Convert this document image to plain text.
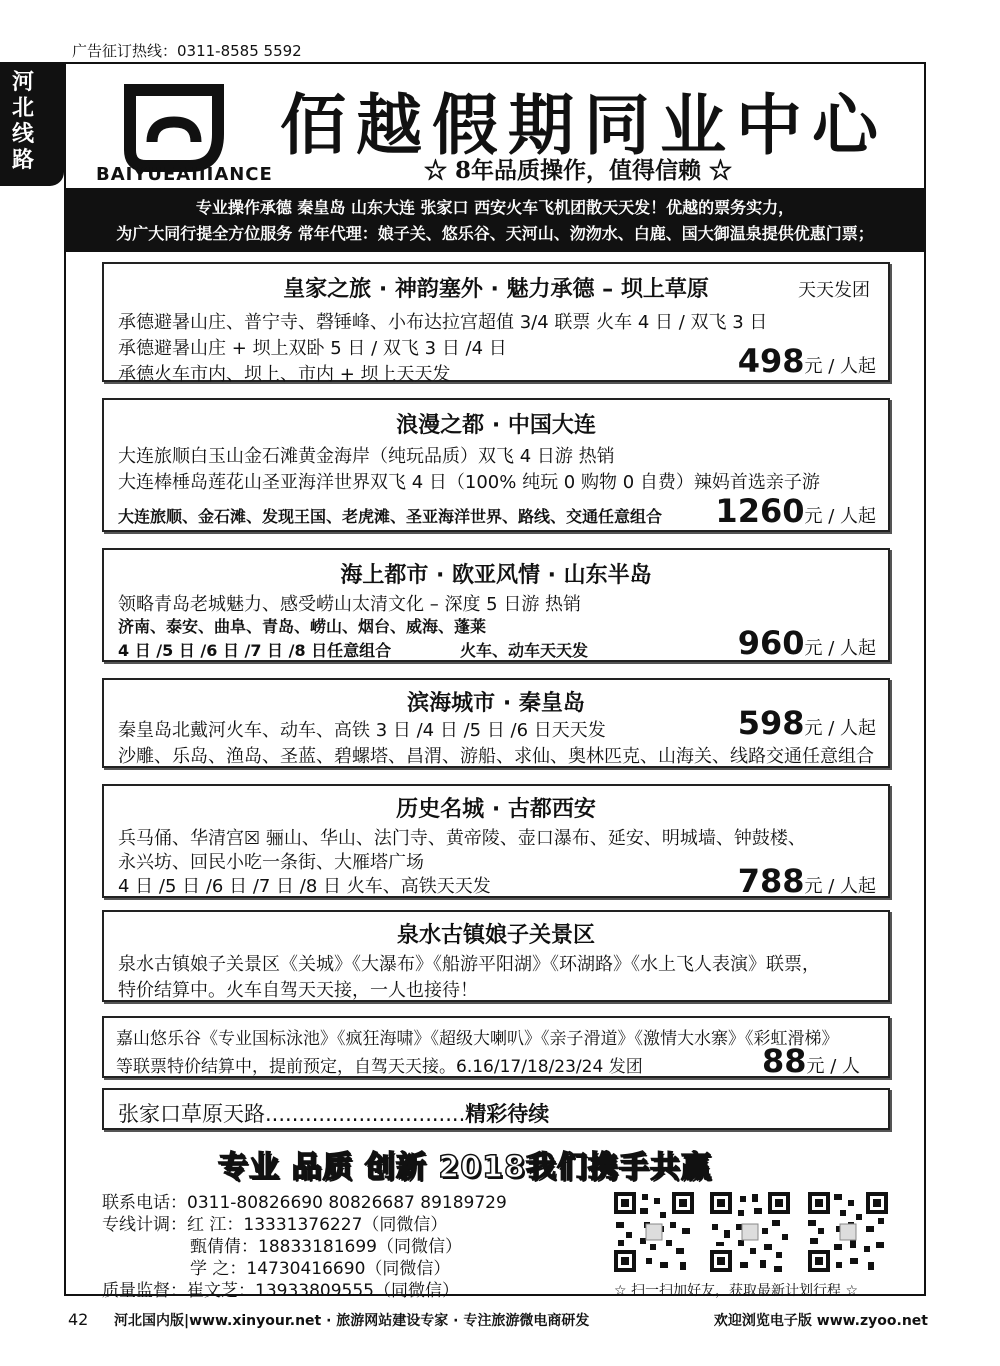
广告征订热线：0311-8585 5592
河
北
线
路
BAIYUEAIIIANCE
佰越假期同业中心
☆ 8年品质操作，值得信赖 ☆
专业操作承德 秦皇岛 山东大连 张家口 西安火车飞机团散天天发！优越的票务实力，
为广大同行提全方位服务 常年代理：娘子关、悠乐谷、天河山、沕沕水、白鹿、国大御温泉提供优惠门票；
皇家之旅 · 神韵塞外 · 魅力承德 – 坝上草原	天天发团
承德避暑山庄、普宁寺、磬锤峰、小布达拉宫超值 3/4 联票 火车 4 日 / 双飞 3 日
承德避暑山庄 + 坝上双卧 5 日 / 双飞 3 日 /4 日
承德火车市内、坝上、市内 + 坝上天天发	498元 / 人起
浪漫之都 · 中国大连
大连旅顺白玉山金石滩黄金海岸（纯玩品质）双飞 4 日游 热销
大连棒棰岛莲花山圣亚海洋世界双飞 4 日（100% 纯玩 0 购物 0 自费）辣妈首选亲子游
大连旅顺、金石滩、发现王国、老虎滩、圣亚海洋世界、路线、交通任意组合 1260元 / 人起
海上都市 · 欧亚风情 · 山东半岛
领略青岛老城魅力、感受崂山太清文化 – 深度 5 日游 热销
济南、泰安、曲阜、青岛、崂山、烟台、威海、蓬莱
4 日 /5 日 /6 日 /7 日 /8 日任意组合	火车、动车天天发	960元 / 人起
滨海城市 · 秦皇岛
秦皇岛北戴河火车、动车、高铁 3 日 /4 日 /5 日 /6 日天天发
沙雕、乐岛、渔岛、圣蓝、碧螺塔、昌渭、游船、求仙、奥林匹克、山海关、线路交通任意组合
598元 / 人起
历史名城 · 古都西安
兵马俑、华清宫☒ 骊山、华山、法门寺、黄帝陵、壶口瀑布、延安、明城墙、钟鼓楼、
永兴坊、回民小吃一条街、大雁塔广场
4 日 /5 日 /6 日 /7 日 /8 日 火车、高铁天天发	788元 / 人起
泉水古镇娘子关景区
泉水古镇娘子关景区《关城》《大瀑布》《船游平阳湖》《环湖路》《水上飞人表演》联票，
特价结算中。火车自驾天天接，一人也接待！
嘉山悠乐谷《专业国标泳池》《疯狂海啸》《超级大喇叭》《亲子滑道》《激情大水寨》《彩虹滑梯》
等联票特价结算中，提前预定，自驾天天接。6.16/17/18/23/24 发团	88元 / 人
张家口草原天路..............................精彩待续
专业 品质 创新 2018我们携手共赢
联系电话：0311-80826690 80826687 89189729
专线计调：红 江：13331376227（同微信）
甄倩倩：18833181699（同微信）
学 之：14730416690（同微信）
质量监督：崔文芝：13933809555（同微信）	☆ 扫一扫加好友，获取最新计划行程 ☆
42 河北国内版|www.xinyour.net · 旅游网站建设专家 · 专注旅游微电商研发	欢迎浏览电子版 www.zyoo.net
